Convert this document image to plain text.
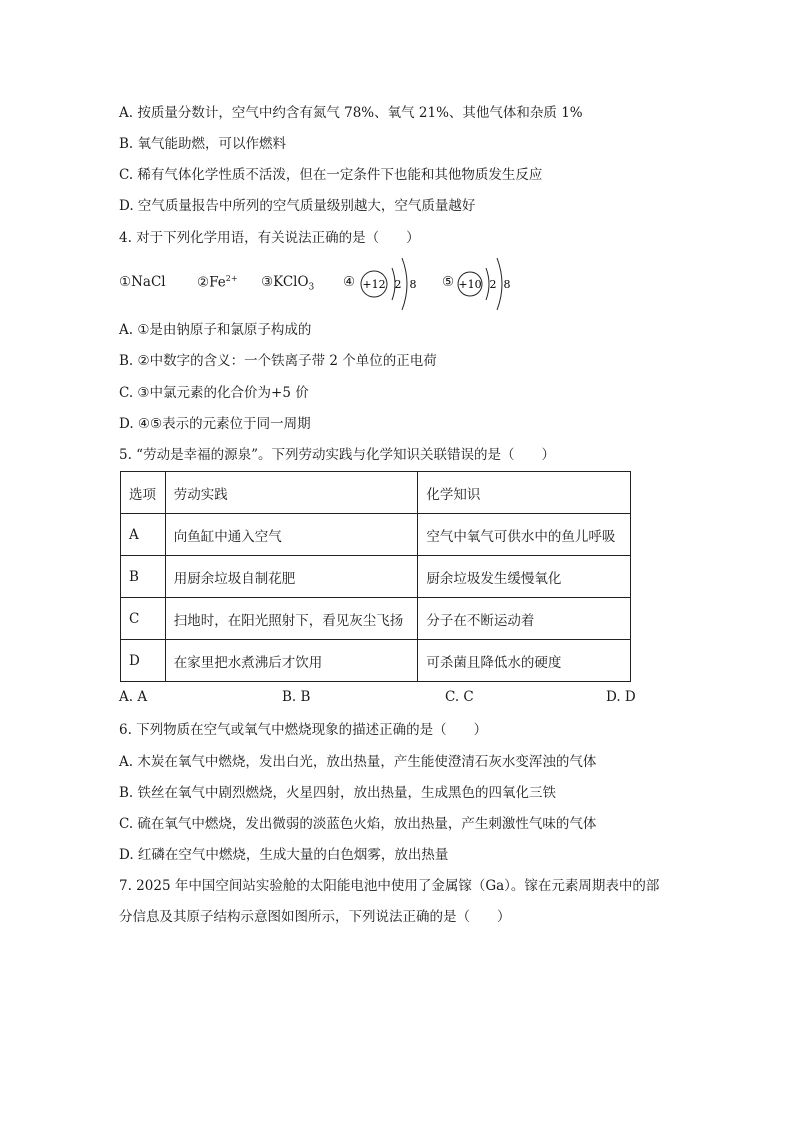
A. 按质量分数计，空气中约含有氮气 78%、氧气 21%、其他气体和杂质 1%
B. 氧气能助燃，可以作燃料
C. 稀有气体化学性质不活泼，但在一定条件下也能和其他物质发生反应
D. 空气质量报告中所列的空气质量级别越大，空气质量越好
4. 对于下列化学用语，有关说法正确的是（　　）
①NaCl $②Fe^{2+}$ ③KClO$_3$ ④	⑤
+12 2 8	+10 2 8
A. ①是由钠原子和氯原子构成的
B. ②中数字的含义：一个铁离子带 2 个单位的正电荷
C. ③中氯元素的化合价为+5 价
D. ④⑤表示的元素位于同一周期
5. “劳动是幸福的源泉”。下列劳动实践与化学知识关联错误的是（　　）
选项	劳动实践	化学知识
A	向鱼缸中通入空气	空气中氧气可供水中的鱼儿呼吸
B	用厨余垃圾自制花肥	厨余垃圾发生缓慢氧化
C	扫地时，在阳光照射下，看见灰尘飞扬	分子在不断运动着
D	在家里把水煮沸后才饮用	可杀菌且降低水的硬度
A. A	B. B	C. C	D. D
6. 下列物质在空气或氧气中燃烧现象的描述正确的是（　　）
A. 木炭在氧气中燃烧，发出白光，放出热量，产生能使澄清石灰水变浑浊的气体
B. 铁丝在氧气中剧烈燃烧，火星四射，放出热量，生成黑色的四氧化三铁
C. 硫在氧气中燃烧，发出微弱的淡蓝色火焰，放出热量，产生刺激性气味的气体
D. 红磷在空气中燃烧，生成大量的白色烟雾，放出热量
7. 2025 年中国空间站实验舱的太阳能电池中使用了金属镓（Ga）。镓在元素周期表中的部
分信息及其原子结构示意图如图所示，下列说法正确的是（　　）
